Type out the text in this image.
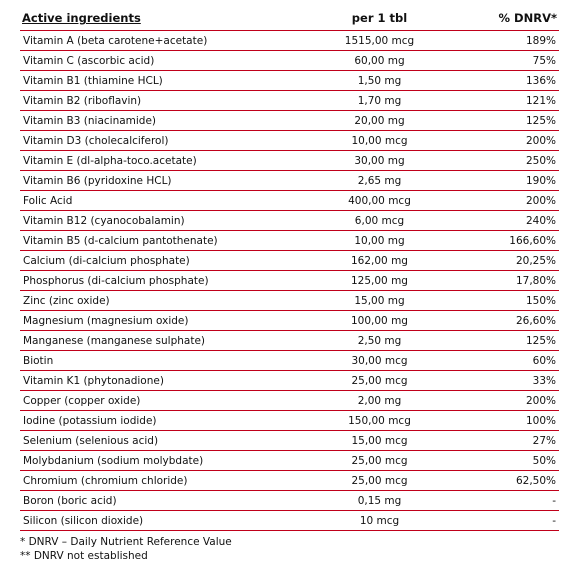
Active ingredients	per 1 tbl	% DNRV*
Vitamin A (beta carotene+acetate)	1515,00 mcg	189%
Vitamin C (ascorbic acid)	60,00 mg	75%
Vitamin B1 (thiamine HCL)	1,50 mg	136%
Vitamin B2 (riboflavin)	1,70 mg	121%
Vitamin B3 (niacinamide)	20,00 mg	125%
Vitamin D3 (cholecalciferol)	10,00 mcg	200%
Vitamin E (dl-alpha-toco.acetate)	30,00 mg	250%
Vitamin B6 (pyridoxine HCL)	2,65 mg	190%
Folic Acid	400,00 mcg	200%
Vitamin B12 (cyanocobalamin)	6,00 mcg	240%
Vitamin B5 (d-calcium pantothenate)	10,00 mg	166,60%
Calcium (di-calcium phosphate)	162,00 mg	20,25%
Phosphorus (di-calcium phosphate)	125,00 mg	17,80%
Zinc (zinc oxide)	15,00 mg	150%
Magnesium (magnesium oxide)	100,00 mg	26,60%
Manganese (manganese sulphate)	2,50 mg	125%
Biotin	30,00 mcg	60%
Vitamin K1 (phytonadione)	25,00 mcg	33%
Copper (copper oxide)	2,00 mg	200%
Iodine (potassium iodide)	150,00 mcg	100%
Selenium (selenious acid)	15,00 mcg	27%
Molybdanium (sodium molybdate)	25,00 mcg	50%
Chromium (chromium chloride)	25,00 mcg	62,50%
Boron (boric acid)	0,15 mg	-
Silicon (silicon dioxide)	10 mcg	-
* DNRV – Daily Nutrient Reference Value
** DNRV not established
